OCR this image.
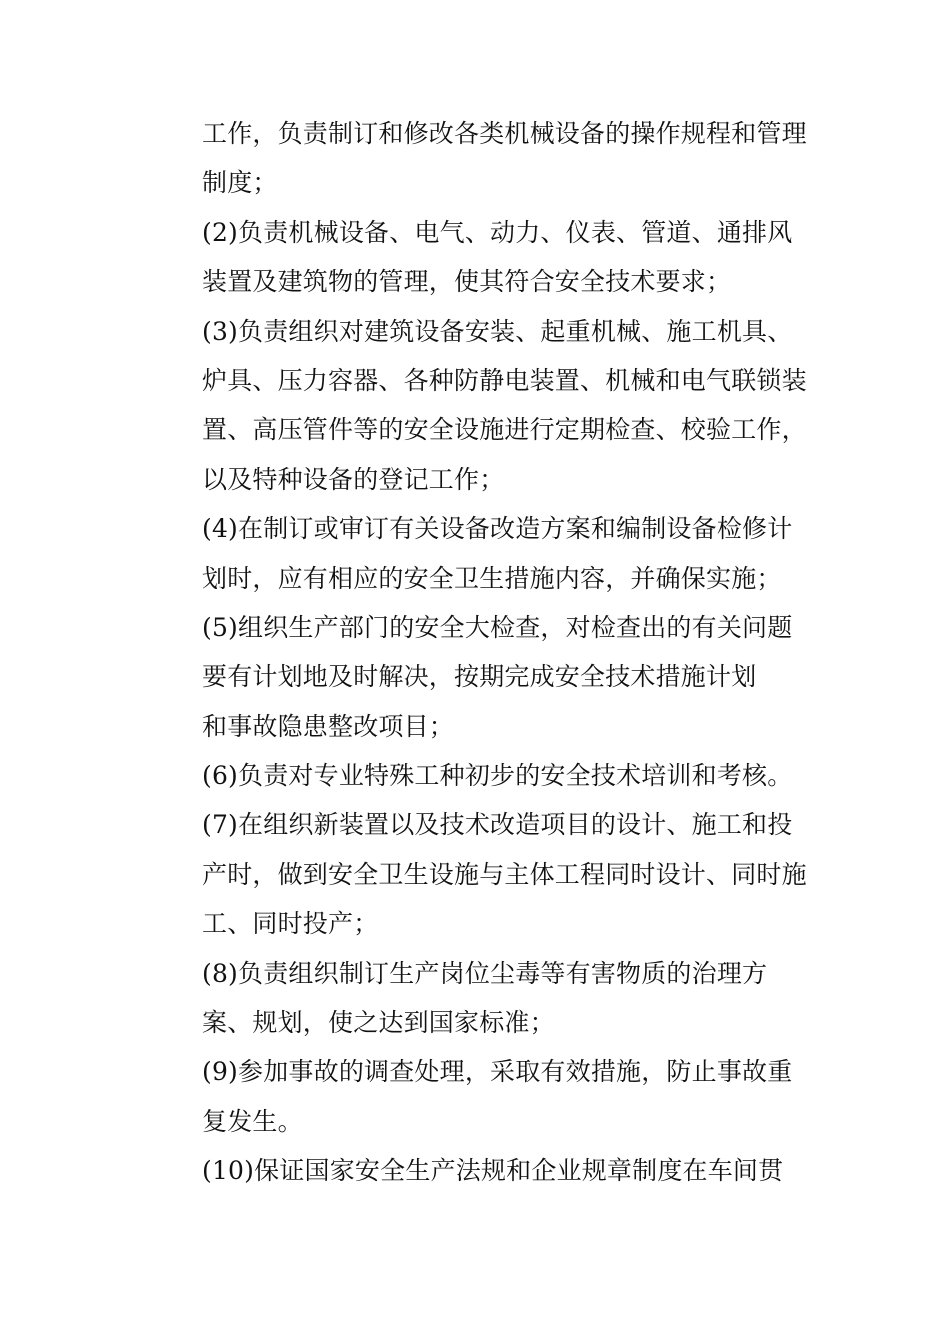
工作，负责制订和修改各类机械设备的操作规程和管理
制度；
(2)负责机械设备、电气、动力、仪表、管道、通排风
装置及建筑物的管理，使其符合安全技术要求；
(3)负责组织对建筑设备安装、起重机械、施工机具、
炉具、压力容器、各种防静电装置、机械和电气联锁装
置、高压管件等的安全设施进行定期检查、校验工作，
以及特种设备的登记工作；
(4)在制订或审订有关设备改造方案和编制设备检修计
划时，应有相应的安全卫生措施内容，并确保实施；
(5)组织生产部门的安全大检查，对检查出的有关问题
要有计划地及时解决，按期完成安全技术措施计划
和事故隐患整改项目；
(6)负责对专业特殊工种初步的安全技术培训和考核。
(7)在组织新装置以及技术改造项目的设计、施工和投
产时，做到安全卫生设施与主体工程同时设计、同时施
工、同时投产；
(8)负责组织制订生产岗位尘毒等有害物质的治理方
案、规划，使之达到国家标准；
(9)参加事故的调查处理，采取有效措施，防止事故重
复发生。
(10)保证国家安全生产法规和企业规章制度在车间贯
